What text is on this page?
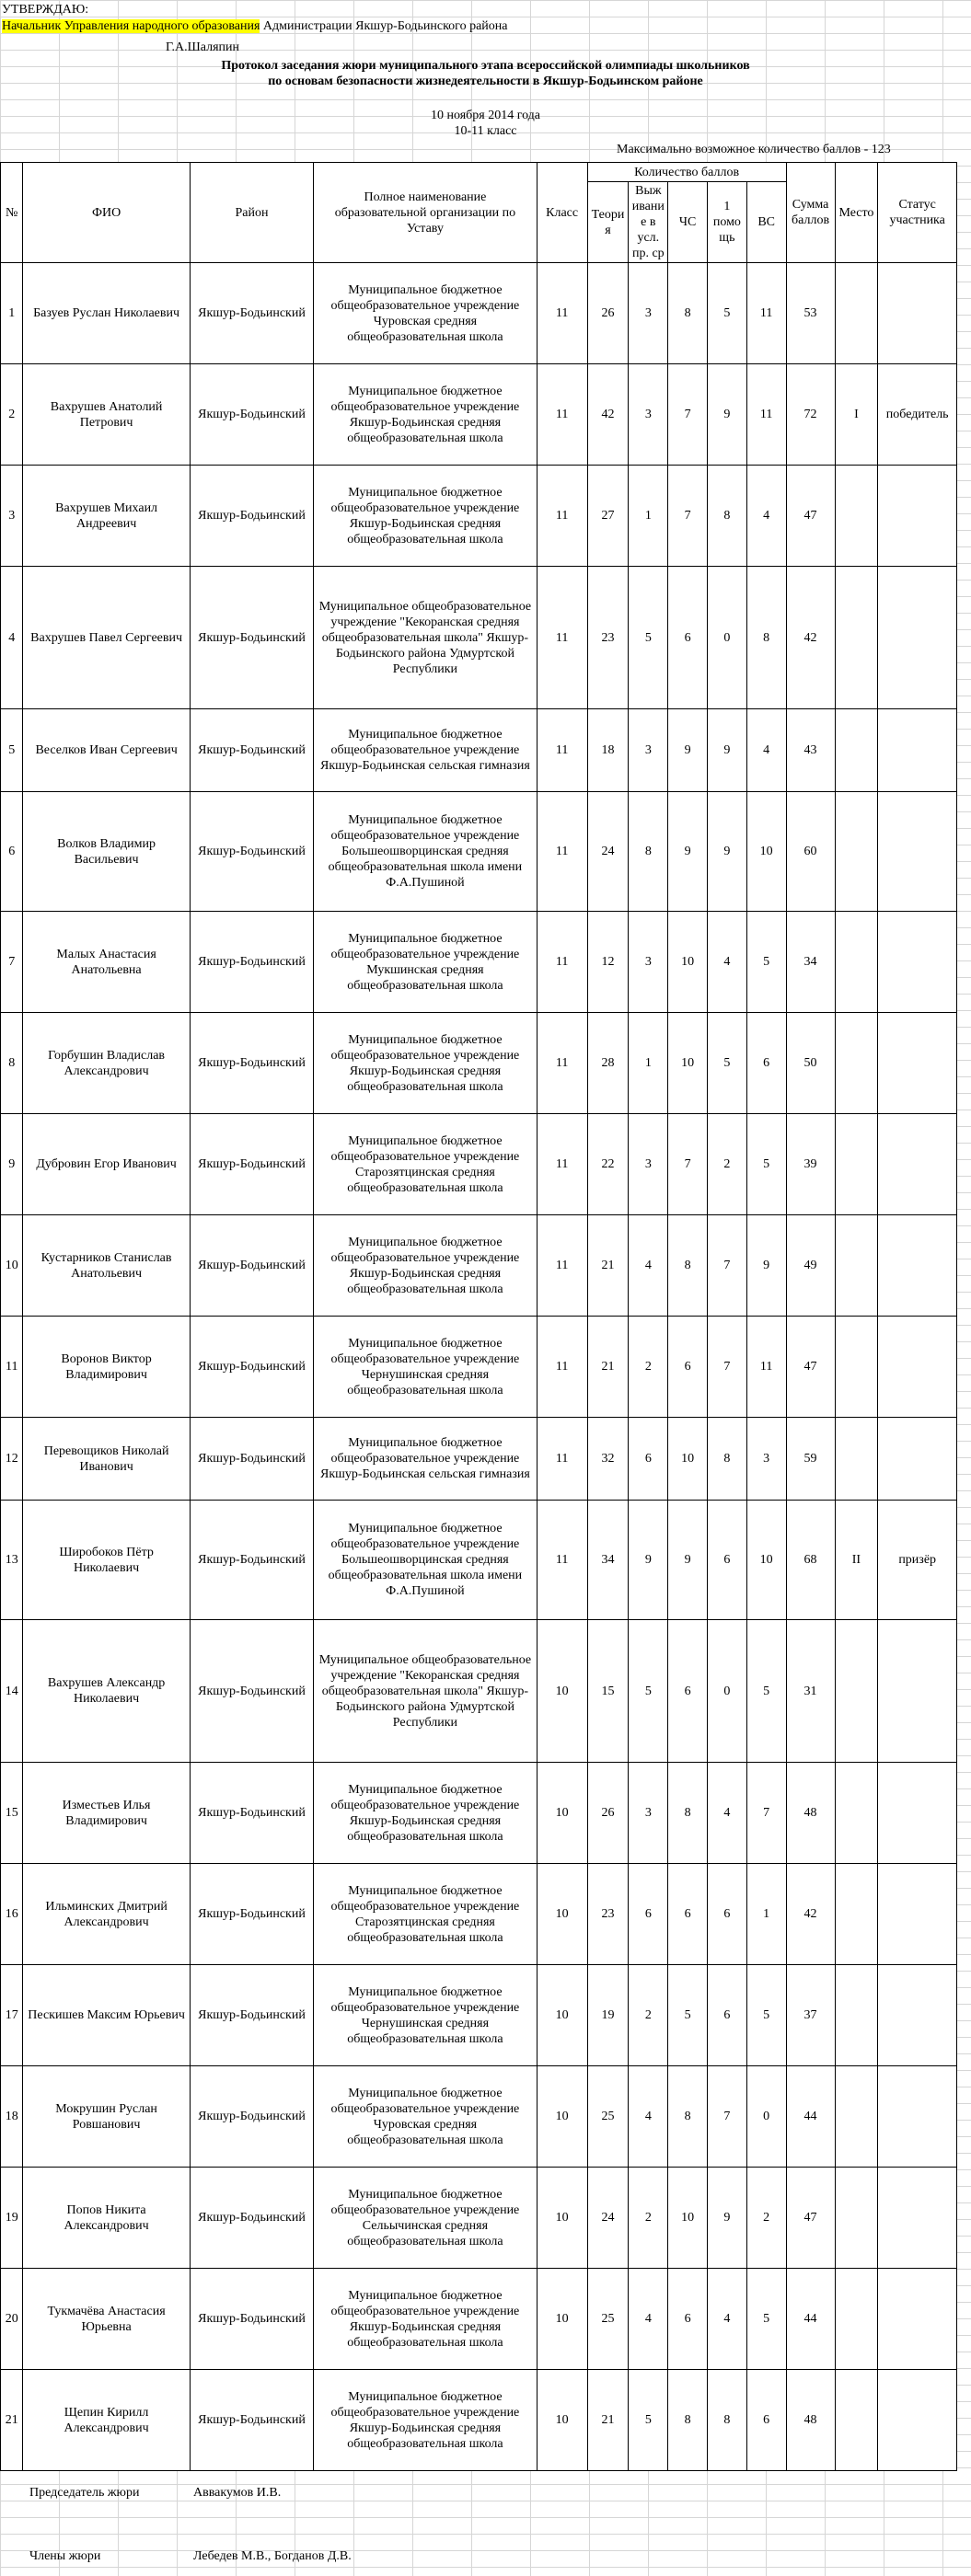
УТВЕРЖДАЮ:
Начальник Управления народного образования Администрации Якшур-Бодьинского района
Г.А.Шаляпин
Протокол заседания жюри муниципального этапа всероссийской олимпиады школьников
по основам безопасности жизнедеятельности в Якшур-Бодьинском районе
10 ноября 2014 года
10-11 класс
Максимально возможное количество баллов - 123
№	ФИО	Район	Полное наименование образовательной организации по Уставу	Класс	Количество баллов					Сумма баллов	Место	Статус участника
					Теория	Выживание в усл. пр. ср	ЧС	1 помощь	ВС			
1	Базуев Руслан Николаевич	Якшур-Бодьинский	Муниципальное бюджетное общеобразовательное учреждение Чуровская средняя общеобразовательная школа	11	26	3	8	5	11	53		
2	Вахрушев Анатолий Петрович	Якшур-Бодьинский	Муниципальное бюджетное общеобразовательное учреждение Якшур-Бодьинская средняя общеобразовательная школа	11	42	3	7	9	11	72	I	победитель
3	Вахрушев Михаил Андреевич	Якшур-Бодьинский	Муниципальное бюджетное общеобразовательное учреждение Якшур-Бодьинская средняя общеобразовательная школа	11	27	1	7	8	4	47		
4	Вахрушев Павел Сергеевич	Якшур-Бодьинский	Муниципальное общеобразовательное учреждение "Кекоранская средняя общеобразовательная школа" Якшур-Бодьинского района Удмуртской Республики	11	23	5	6	0	8	42		
5	Веселков Иван Сергеевич	Якшур-Бодьинский	Муниципальное бюджетное общеобразовательное учреждение Якшур-Бодьинская сельская гимназия	11	18	3	9	9	4	43		
6	Волков Владимир Васильевич	Якшур-Бодьинский	Муниципальное бюджетное общеобразовательное учреждение Большеошворцинская средняя общеобразовательная школа имени Ф.А.Пушиной	11	24	8	9	9	10	60		
7	Малых Анастасия Анатольевна	Якшур-Бодьинский	Муниципальное бюджетное общеобразовательное учреждение Мукшинская средняя общеобразовательная школа	11	12	3	10	4	5	34		
8	Горбушин Владислав Александрович	Якшур-Бодьинский	Муниципальное бюджетное общеобразовательное учреждение Якшур-Бодьинская средняя общеобразовательная школа	11	28	1	10	5	6	50		
9	Дубровин Егор Иванович	Якшур-Бодьинский	Муниципальное бюджетное общеобразовательное учреждение Старозятцинская средняя общеобразовательная школа	11	22	3	7	2	5	39		
10	Кустарников Станислав Анатольевич	Якшур-Бодьинский	Муниципальное бюджетное общеобразовательное учреждение Якшур-Бодьинская средняя общеобразовательная школа	11	21	4	8	7	9	49		
11	Воронов Виктор Владимирович	Якшур-Бодьинский	Муниципальное бюджетное общеобразовательное учреждение Чернушинская средняя общеобразовательная школа	11	21	2	6	7	11	47		
12	Перевощиков Николай Иванович	Якшур-Бодьинский	Муниципальное бюджетное общеобразовательное учреждение Якшур-Бодьинская сельская гимназия	11	32	6	10	8	3	59		
13	Широбоков Пётр Николаевич	Якшур-Бодьинский	Муниципальное бюджетное общеобразовательное учреждение Большеошворцинская средняя общеобразовательная школа имени Ф.А.Пушиной	11	34	9	9	6	10	68	II	призёр
14	Вахрушев Александр Николаевич	Якшур-Бодьинский	Муниципальное общеобразовательное учреждение "Кекоранская средняя общеобразовательная школа" Якшур-Бодьинского района Удмуртской Республики	10	15	5	6	0	5	31		
15	Изместьев Илья Владимирович	Якшур-Бодьинский	Муниципальное бюджетное общеобразовательное учреждение Якшур-Бодьинская средняя общеобразовательная школа	10	26	3	8	4	7	48		
16	Ильминских Дмитрий Александрович	Якшур-Бодьинский	Муниципальное бюджетное общеобразовательное учреждение Старозятцинская средняя общеобразовательная школа	10	23	6	6	6	1	42		
17	Пескишев Максим Юрьевич	Якшур-Бодьинский	Муниципальное бюджетное общеобразовательное учреждение Чернушинская средняя общеобразовательная школа	10	19	2	5	6	5	37		
18	Мокрушин Руслан Ровшанович	Якшур-Бодьинский	Муниципальное бюджетное общеобразовательное учреждение Чуровская средняя общеобразовательная школа	10	25	4	8	7	0	44		
19	Попов Никита Александрович	Якшур-Бодьинский	Муниципальное бюджетное общеобразовательное учреждение Сельычинская средняя общеобразовательная школа	10	24	2	10	9	2	47		
20	Тукмачёва Анастасия Юрьевна	Якшур-Бодьинский	Муниципальное бюджетное общеобразовательное учреждение Якшур-Бодьинская средняя общеобразовательная школа	10	25	4	6	4	5	44		
21	Щепин Кирилл Александрович	Якшур-Бодьинский	Муниципальное бюджетное общеобразовательное учреждение Якшур-Бодьинская средняя общеобразовательная школа	10	21	5	8	8	6	48		
Председатель жюри	Аввакумов И.В.
Члены жюри	Лебедев М.В., Богданов Д.В.
